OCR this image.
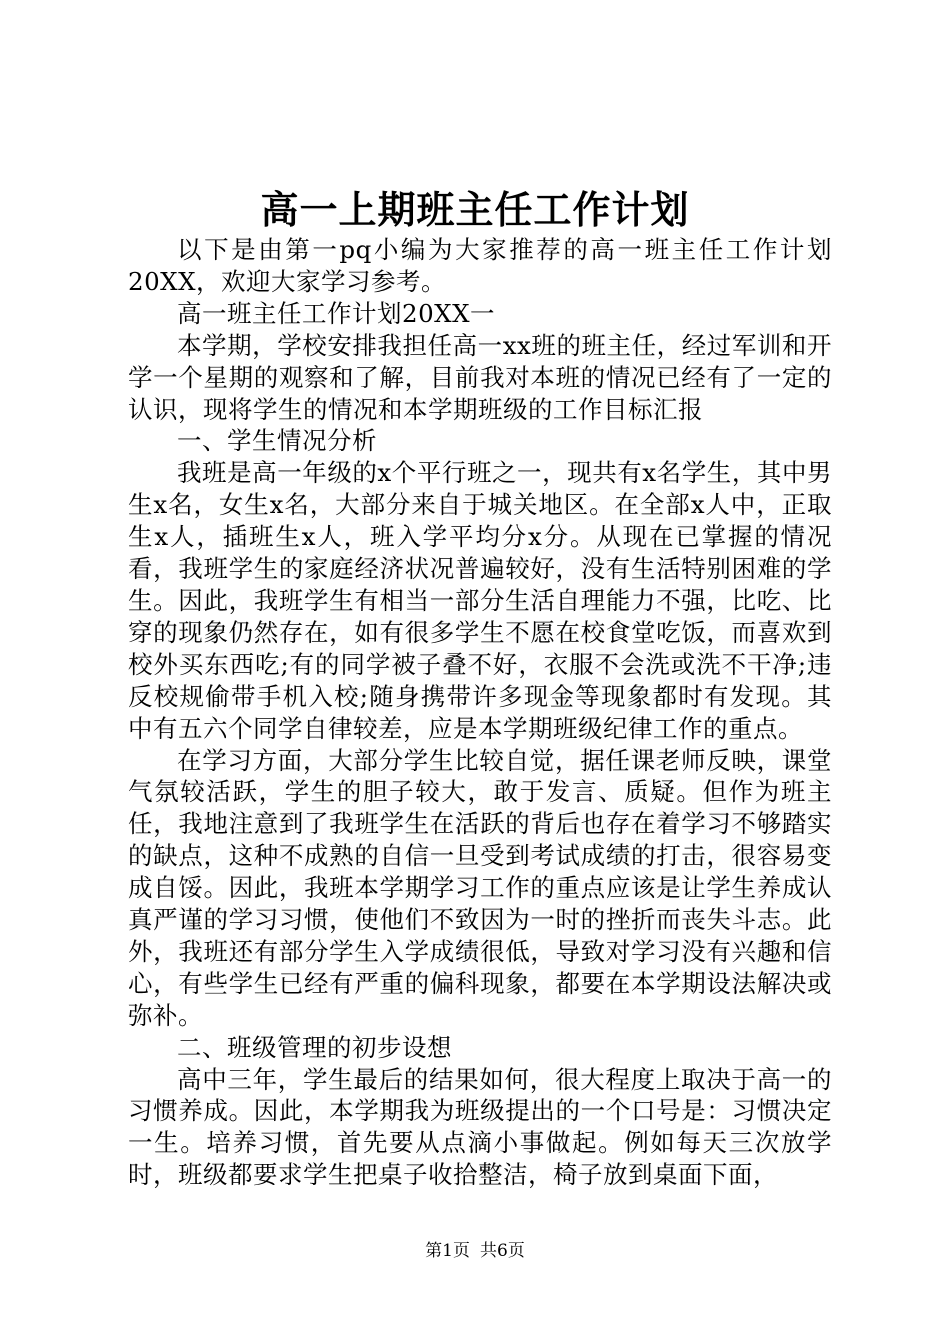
高一上期班主任工作计划

以下是由第一pq小编为大家推荐的高一班主任工作计划20XX，欢迎大家学习参考。

高一班主任工作计划20XX一

本学期，学校安排我担任高一xx班的班主任，经过军训和开学一个星期的观察和了解，目前我对本班的情况已经有了一定的认识，现将学生的情况和本学期班级的工作目标汇报

一、学生情况分析

我班是高一年级的x个平行班之一，现共有x名学生，其中男生x名，女生x名，大部分来自于城关地区。在全部x人中，正取生x人，插班生x人，班入学平均分x分。从现在已掌握的情况看，我班学生的家庭经济状况普遍较好，没有生活特别困难的学生。因此，我班学生有相当一部分生活自理能力不强，比吃、比穿的现象仍然存在，如有很多学生不愿在校食堂吃饭，而喜欢到校外买东西吃;有的同学被子叠不好，衣服不会洗或洗不干净;违反校规偷带手机入校;随身携带许多现金等现象都时有发现。其中有五六个同学自律较差，应是本学期班级纪律工作的重点。

在学习方面，大部分学生比较自觉，据任课老师反映，课堂气氛较活跃，学生的胆子较大，敢于发言、质疑。但作为班主任，我地注意到了我班学生在活跃的背后也存在着学习不够踏实的缺点，这种不成熟的自信一旦受到考试成绩的打击，很容易变成自馁。因此，我班本学期学习工作的重点应该是让学生养成认真严谨的学习习惯，使他们不致因为一时的挫折而丧失斗志。此外，我班还有部分学生入学成绩很低，导致对学习没有兴趣和信心，有些学生已经有严重的偏科现象，都要在本学期设法解决或弥补。

二、班级管理的初步设想

高中三年，学生最后的结果如何，很大程度上取决于高一的习惯养成。因此，本学期我为班级提出的一个口号是：习惯决定一生。培养习惯，首先要从点滴小事做起。例如每天三次放学时，班级都要求学生把桌子收拾整洁，椅子放到桌面下面，

第1页 共6页
